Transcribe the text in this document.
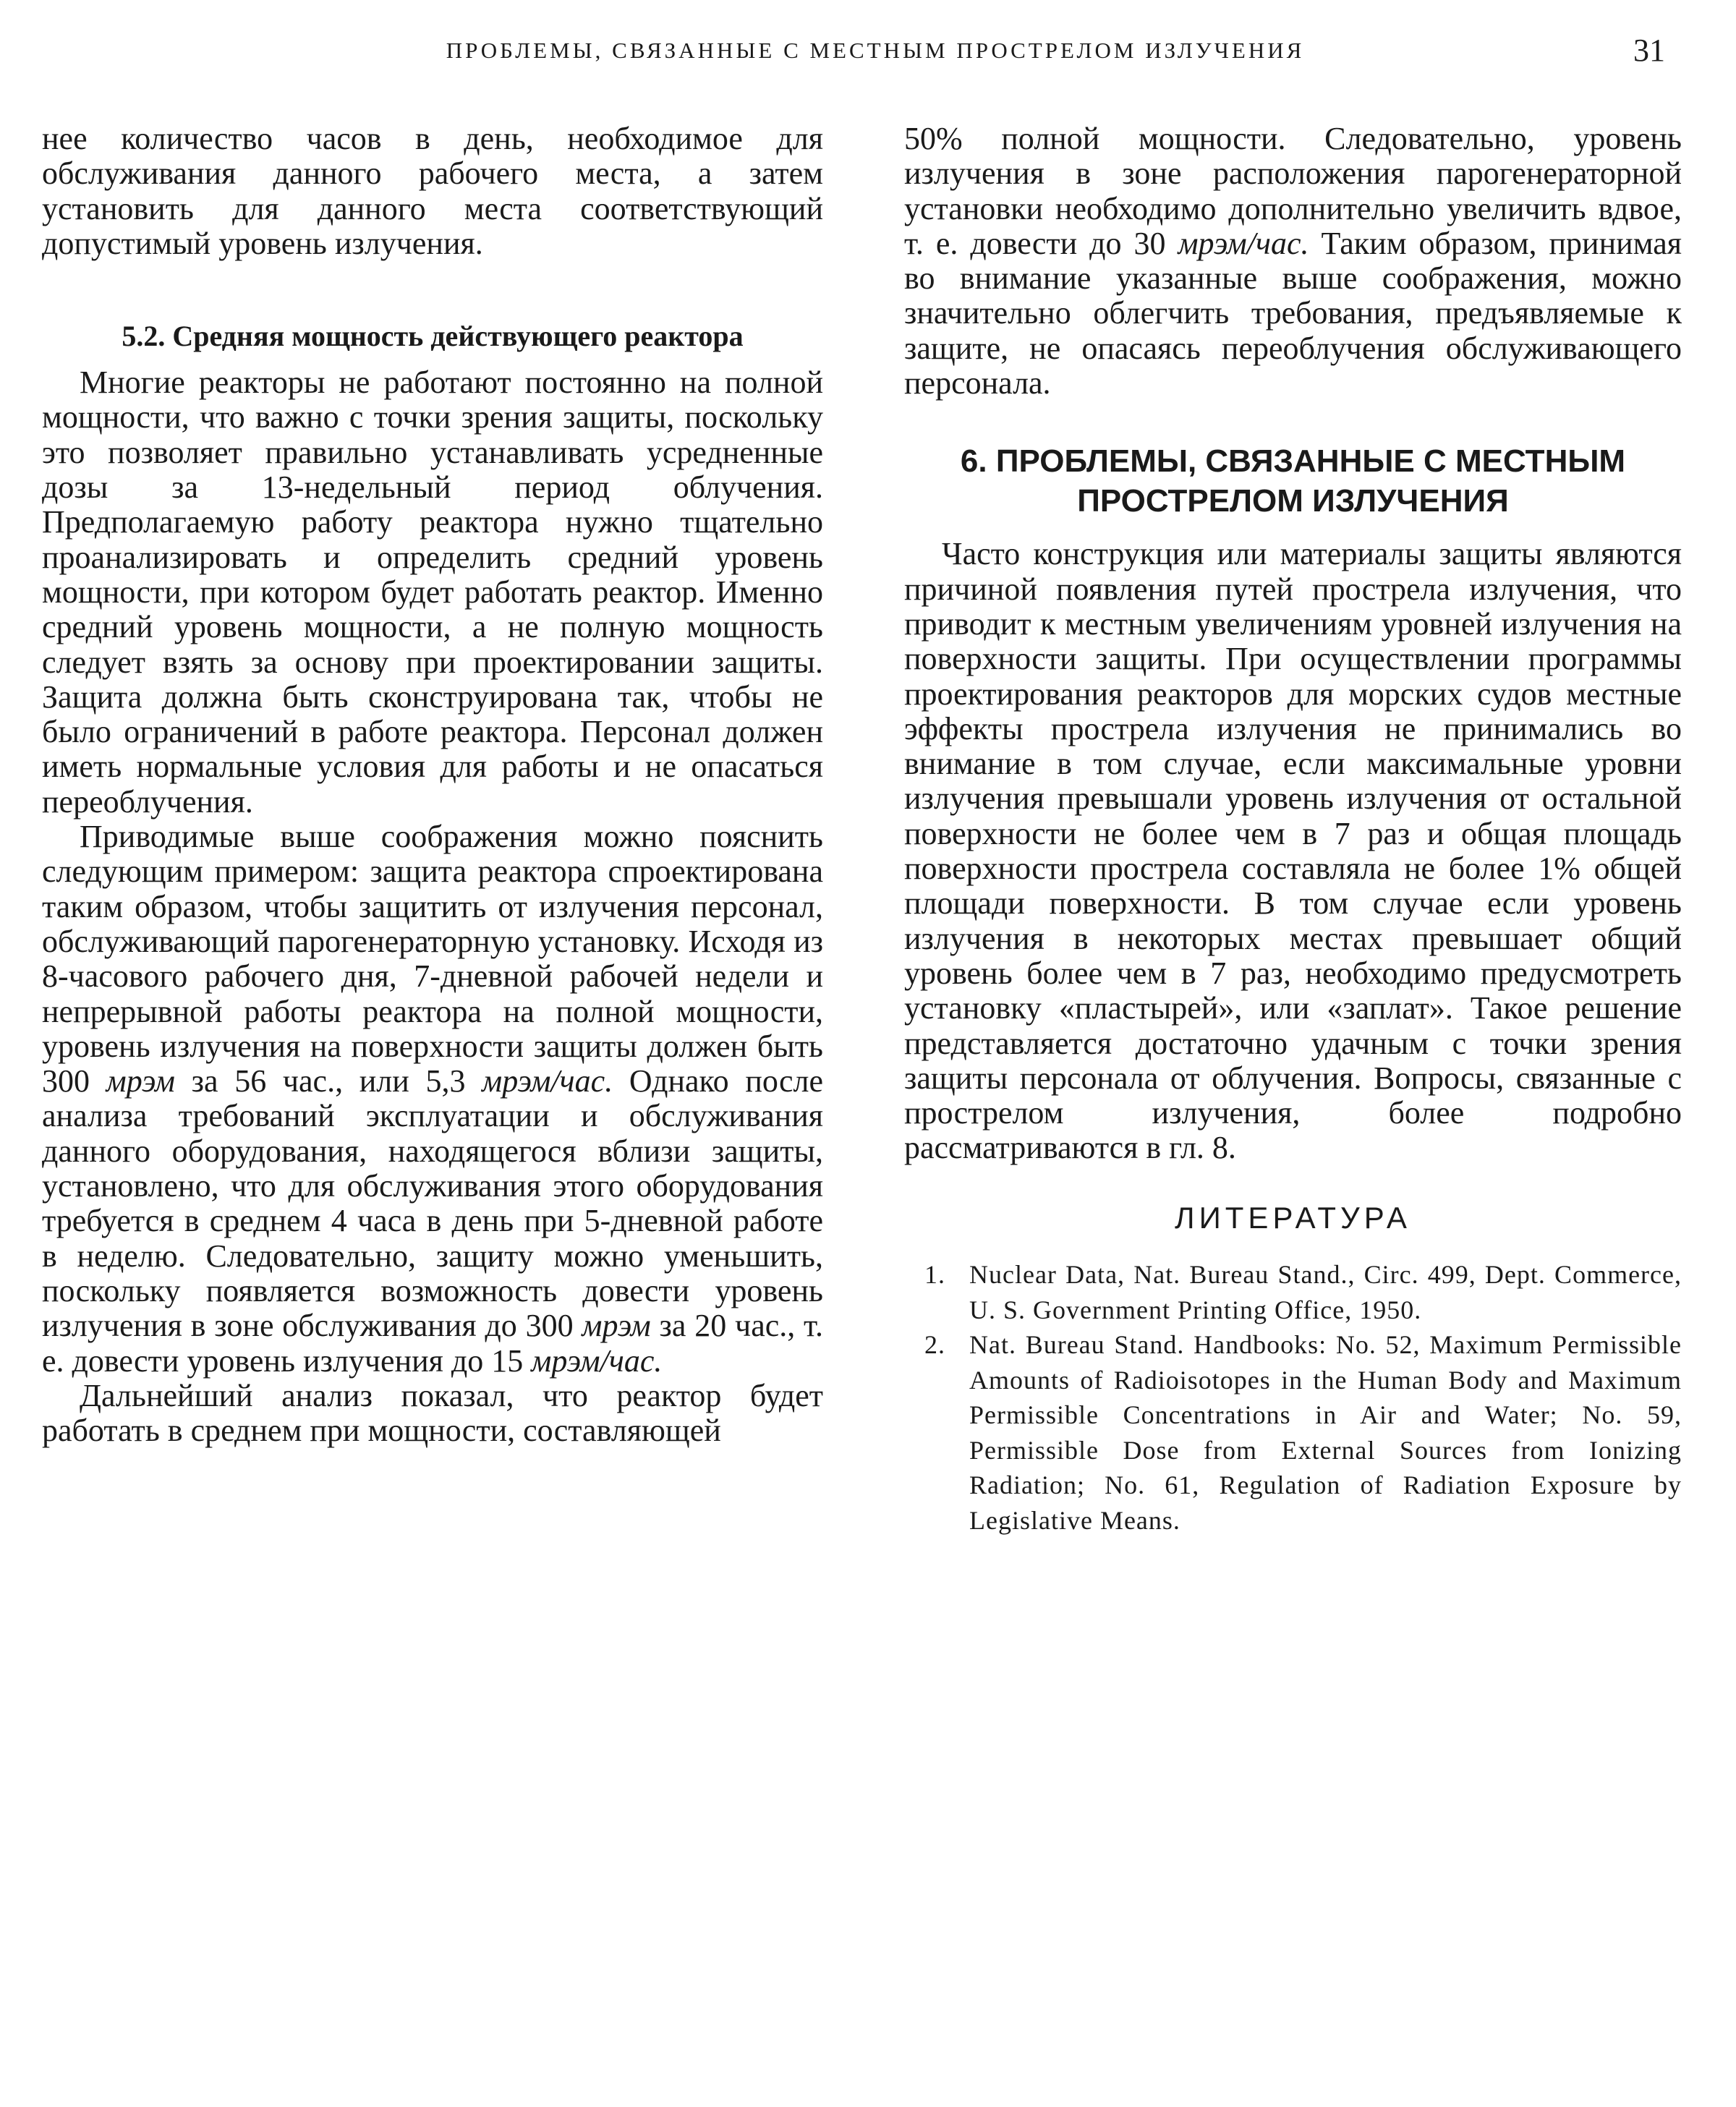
ПРОБЛЕМЫ, СВЯЗАННЫЕ С МЕСТНЫМ ПРОСТРЕЛОМ ИЗЛУЧЕНИЯ	31

нее количество часов в день, необходимое для обслуживания данного рабочего места, а затем установить для данного места соответствующий допустимый уровень излучения.

5.2. Средняя мощность действующего реактора

Многие реакторы не работают постоянно на полной мощности, что важно с точки зрения защиты, поскольку это позволяет правильно устанавливать усредненные дозы за 13-недельный период облучения. Предполагаемую работу реактора нужно тщательно проанализировать и определить средний уровень мощности, при котором будет работать реактор. Именно средний уровень мощности, а не полную мощность следует взять за основу при проектировании защиты. Защита должна быть сконструирована так, чтобы не было ограничений в работе реактора. Персонал должен иметь нормальные условия для работы и не опасаться переоблучения.

Приводимые выше соображения можно пояснить следующим примером: защита реактора спроектирована таким образом, чтобы защитить от излучения персонал, обслуживающий парогенераторную установку. Исходя из 8-часового рабочего дня, 7-дневной рабочей недели и непрерывной работы реактора на полной мощности, уровень излучения на поверхности защиты должен быть 300 мрэм за 56 час., или 5,3 мрэм/час. Однако после анализа требований эксплуатации и обслуживания данного оборудования, находящегося вблизи защиты, установлено, что для обслуживания этого оборудования требуется в среднем 4 часа в день при 5-дневной работе в неделю. Следовательно, защиту можно уменьшить, поскольку появляется возможность довести уровень излучения в зоне обслуживания до 300 мрэм за 20 час., т. е. довести уровень излучения до 15 мрэм/час.

Дальнейший анализ показал, что реактор будет работать в среднем при мощности, составляющей

50% полной мощности. Следовательно, уровень излучения в зоне расположения парогенераторной установки необходимо дополнительно увеличить вдвое, т. е. довести до 30 мрэм/час. Таким образом, принимая во внимание указанные выше соображения, можно значительно облегчить требования, предъявляемые к защите, не опасаясь переоблучения обслуживающего персонала.

6. ПРОБЛЕМЫ, СВЯЗАННЫЕ С МЕСТНЫМ ПРОСТРЕЛОМ ИЗЛУЧЕНИЯ

Часто конструкция или материалы защиты являются причиной появления путей прострела излучения, что приводит к местным увеличениям уровней излучения на поверхности защиты. При осуществлении программы проектирования реакторов для морских судов местные эффекты прострела излучения не принимались во внимание в том случае, если максимальные уровни излучения превышали уровень излучения от остальной поверхности не более чем в 7 раз и общая площадь поверхности прострела составляла не более 1% общей площади поверхности. В том случае если уровень излучения в некоторых местах превышает общий уровень более чем в 7 раз, необходимо предусмотреть установку «пластырей», или «заплат». Такое решение представляется достаточно удачным с точки зрения защиты персонала от облучения. Вопросы, связанные с прострелом излучения, более подробно рассматриваются в гл. 8.

ЛИТЕРАТУРА
1. Nuclear Data, Nat. Bureau Stand., Circ. 499, Dept. Commerce, U. S. Government Printing Office, 1950.
2. Nat. Bureau Stand. Handbooks: No. 52, Maximum Permissible Amounts of Radioisotopes in the Human Body and Maximum Permissible Concentrations in Air and Water; No. 59, Permissible Dose from External Sources from Ionizing Radiation; No. 61, Regulation of Radiation Exposure by Legislative Means.
